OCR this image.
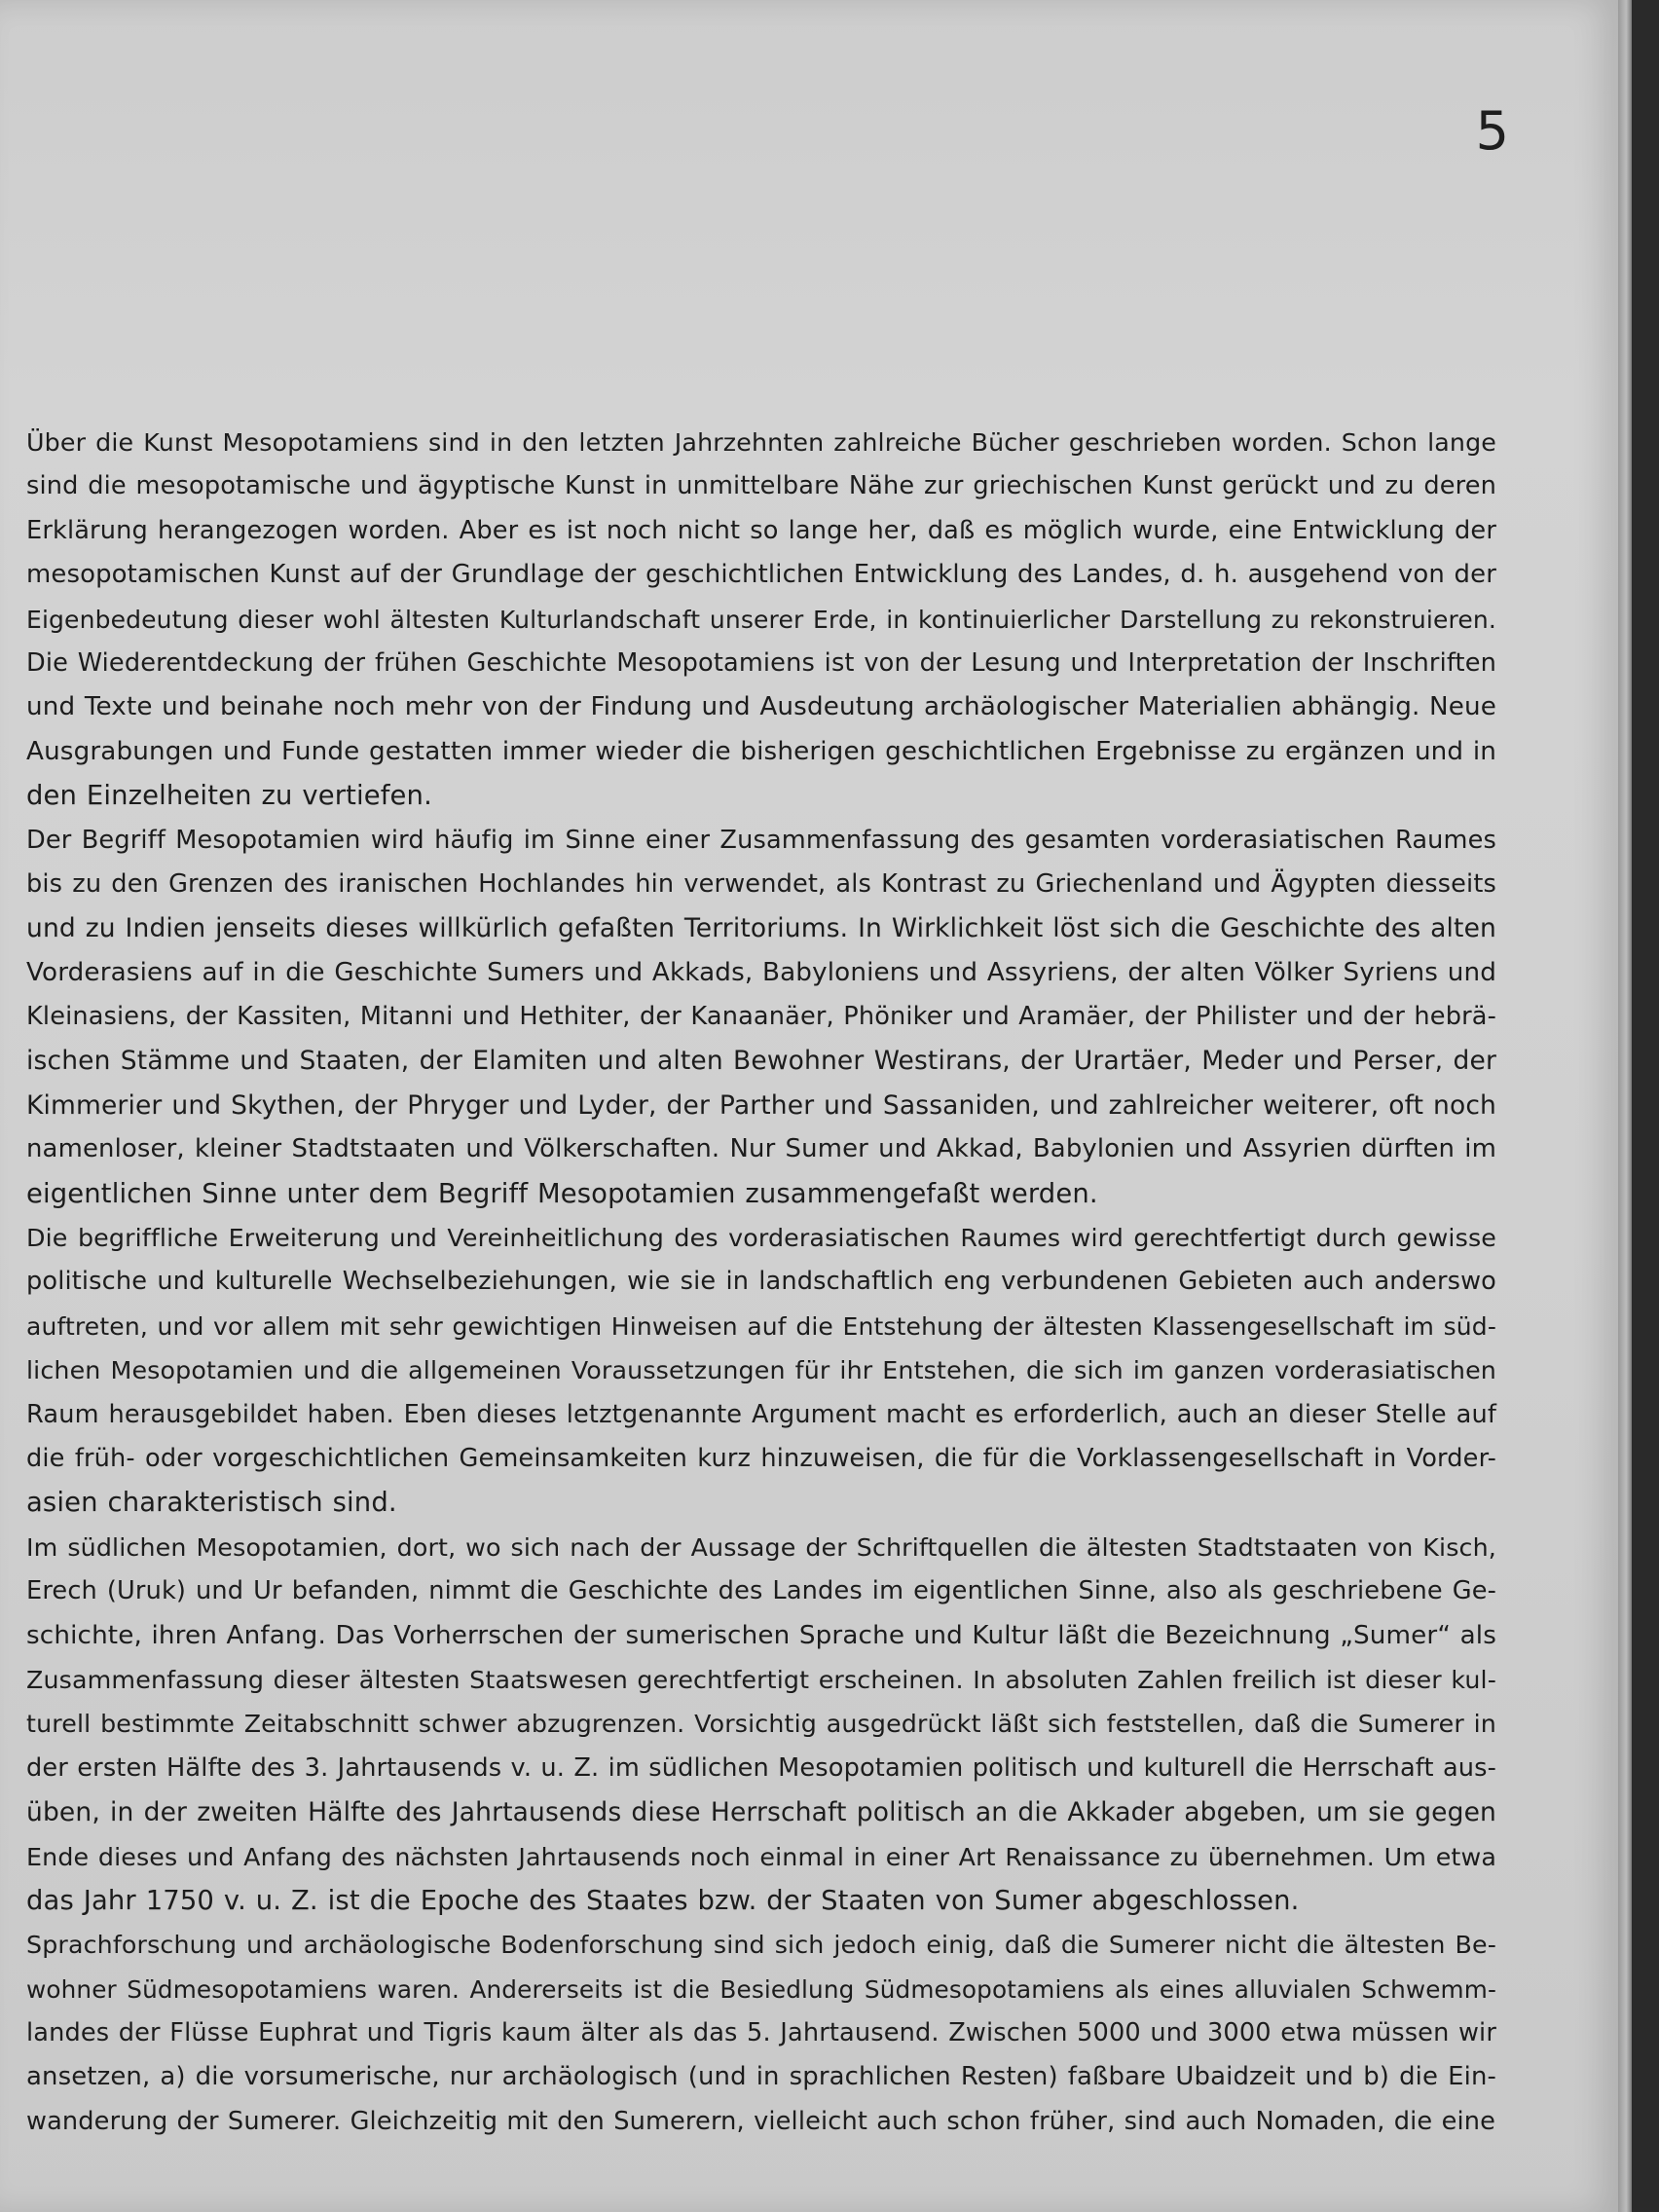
5
Über die Kunst Mesopotamiens sind in den letzten Jahrzehnten zahlreiche Bücher geschrieben worden. Schon lange
sind die mesopotamische und ägyptische Kunst in unmittelbare Nähe zur griechischen Kunst gerückt und zu deren
Erklärung herangezogen worden. Aber es ist noch nicht so lange her, daß es möglich wurde, eine Entwicklung der
mesopotamischen Kunst auf der Grundlage der geschichtlichen Entwicklung des Landes, d. h. ausgehend von der
Eigenbedeutung dieser wohl ältesten Kulturlandschaft unserer Erde, in kontinuierlicher Darstellung zu rekonstruieren.
Die Wiederentdeckung der frühen Geschichte Mesopotamiens ist von der Lesung und Interpretation der Inschriften
und Texte und beinahe noch mehr von der Findung und Ausdeutung archäologischer Materialien abhängig. Neue
Ausgrabungen und Funde gestatten immer wieder die bisherigen geschichtlichen Ergebnisse zu ergänzen und in
den Einzelheiten zu vertiefen.
Der Begriff Mesopotamien wird häufig im Sinne einer Zusammenfassung des gesamten vorderasiatischen Raumes
bis zu den Grenzen des iranischen Hochlandes hin verwendet, als Kontrast zu Griechenland und Ägypten diesseits
und zu Indien jenseits dieses willkürlich gefaßten Territoriums. In Wirklichkeit löst sich die Geschichte des alten
Vorderasiens auf in die Geschichte Sumers und Akkads, Babyloniens und Assyriens, der alten Völker Syriens und
Kleinasiens, der Kassiten, Mitanni und Hethiter, der Kanaanäer, Phöniker und Aramäer, der Philister und der hebrä-
ischen Stämme und Staaten, der Elamiten und alten Bewohner Westirans, der Urartäer, Meder und Perser, der
Kimmerier und Skythen, der Phryger und Lyder, der Parther und Sassaniden, und zahlreicher weiterer, oft noch
namenloser, kleiner Stadtstaaten und Völkerschaften. Nur Sumer und Akkad, Babylonien und Assyrien dürften im
eigentlichen Sinne unter dem Begriff Mesopotamien zusammengefaßt werden.
Die begriffliche Erweiterung und Vereinheitlichung des vorderasiatischen Raumes wird gerechtfertigt durch gewisse
politische und kulturelle Wechselbeziehungen, wie sie in landschaftlich eng verbundenen Gebieten auch anderswo
auftreten, und vor allem mit sehr gewichtigen Hinweisen auf die Entstehung der ältesten Klassengesellschaft im süd-
lichen Mesopotamien und die allgemeinen Voraussetzungen für ihr Entstehen, die sich im ganzen vorderasiatischen
Raum herausgebildet haben. Eben dieses letztgenannte Argument macht es erforderlich, auch an dieser Stelle auf
die früh- oder vorgeschichtlichen Gemeinsamkeiten kurz hinzuweisen, die für die Vorklassengesellschaft in Vorder-
asien charakteristisch sind.
Im südlichen Mesopotamien, dort, wo sich nach der Aussage der Schriftquellen die ältesten Stadtstaaten von Kisch,
Erech (Uruk) und Ur befanden, nimmt die Geschichte des Landes im eigentlichen Sinne, also als geschriebene Ge-
schichte, ihren Anfang. Das Vorherrschen der sumerischen Sprache und Kultur läßt die Bezeichnung „Sumer“ als
Zusammenfassung dieser ältesten Staatswesen gerechtfertigt erscheinen. In absoluten Zahlen freilich ist dieser kul-
turell bestimmte Zeitabschnitt schwer abzugrenzen. Vorsichtig ausgedrückt läßt sich feststellen, daß die Sumerer in
der ersten Hälfte des 3. Jahrtausends v. u. Z. im südlichen Mesopotamien politisch und kulturell die Herrschaft aus-
üben, in der zweiten Hälfte des Jahrtausends diese Herrschaft politisch an die Akkader abgeben, um sie gegen
Ende dieses und Anfang des nächsten Jahrtausends noch einmal in einer Art Renaissance zu übernehmen. Um etwa
das Jahr 1750 v. u. Z. ist die Epoche des Staates bzw. der Staaten von Sumer abgeschlossen.
Sprachforschung und archäologische Bodenforschung sind sich jedoch einig, daß die Sumerer nicht die ältesten Be-
wohner Südmesopotamiens waren. Andererseits ist die Besiedlung Südmesopotamiens als eines alluvialen Schwemm-
landes der Flüsse Euphrat und Tigris kaum älter als das 5. Jahrtausend. Zwischen 5000 und 3000 etwa müssen wir
ansetzen, a) die vorsumerische, nur archäologisch (und in sprachlichen Resten) faßbare Ubaidzeit und b) die Ein-
wanderung der Sumerer. Gleichzeitig mit den Sumerern, vielleicht auch schon früher, sind auch Nomaden, die eine
